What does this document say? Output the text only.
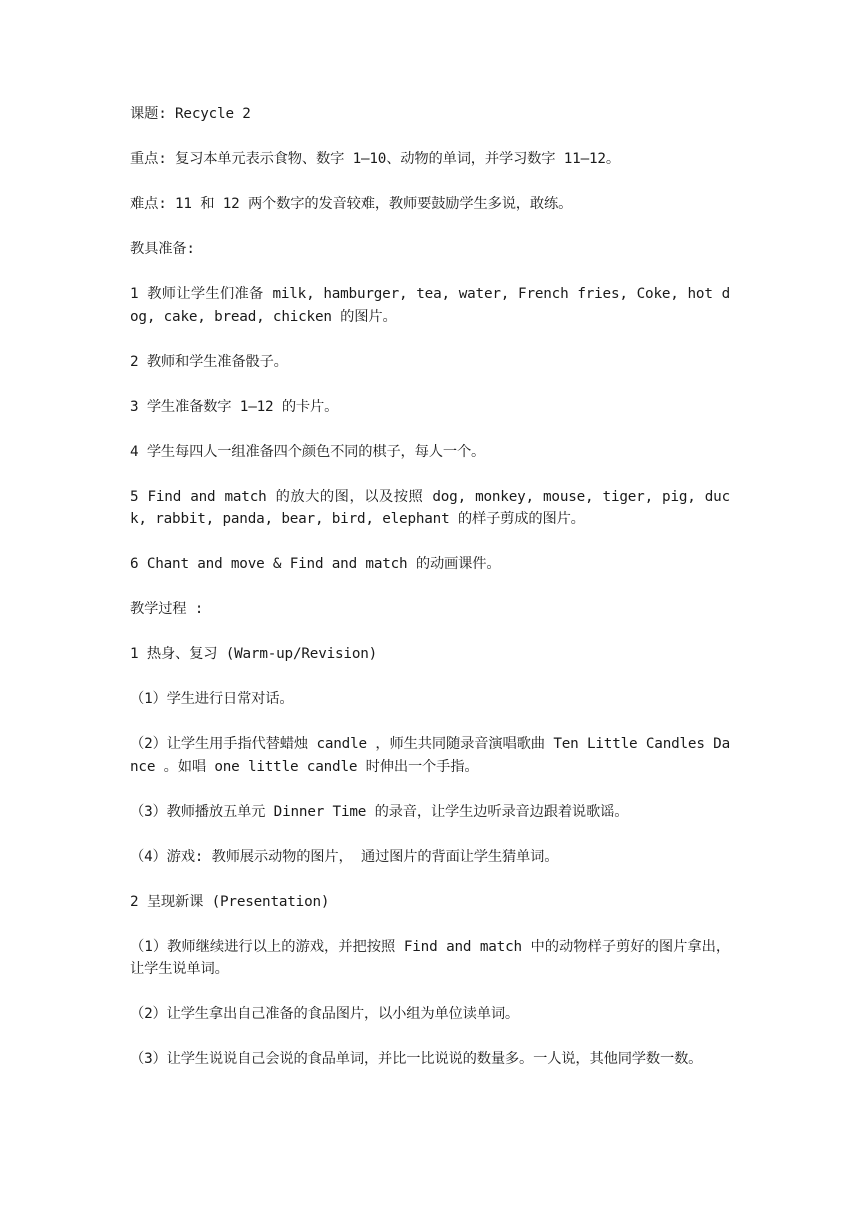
课题: Recycle 2

重点: 复习本单元表示食物、数字 1—10、动物的单词，并学习数字 11—12。

难点: 11 和 12 两个数字的发音较难，教师要鼓励学生多说，敢练。

教具准备:

1 教师让学生们准备 milk, hamburger, tea, water, French fries, Coke, hot dog, cake, bread, chicken 的图片。

2 教师和学生准备骰子。

3 学生准备数字 1—12 的卡片。

4 学生每四人一组准备四个颜色不同的棋子，每人一个。

5 Find and match 的放大的图，以及按照 dog, monkey, mouse, tiger, pig, duck, rabbit, panda, bear, bird, elephant 的样子剪成的图片。

6 Chant and move & Find and match 的动画课件。

教学过程 :

1 热身、复习 (Warm-up/Revision)

（1）学生进行日常对话。

（2）让学生用手指代替蜡烛 candle ，师生共同随录音演唱歌曲 Ten Little Candles Dance 。如唱 one little candle 时伸出一个手指。

（3）教师播放五单元 Dinner Time 的录音，让学生边听录音边跟着说歌谣。

（4）游戏: 教师展示动物的图片， 通过图片的背面让学生猜单词。

2 呈现新课 (Presentation)

（1）教师继续进行以上的游戏，并把按照 Find and match 中的动物样子剪好的图片拿出，让学生说单词。

（2）让学生拿出自己准备的食品图片，以小组为单位读单词。

（3）让学生说说自己会说的食品单词，并比一比说说的数量多。一人说，其他同学数一数。
